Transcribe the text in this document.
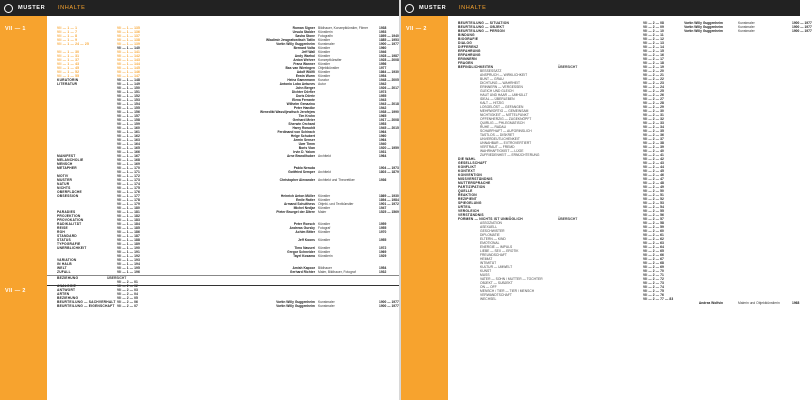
VII — 1
VII — 2
MUSTER	INHALTE
VII — 1 — 1	VII — 1 — 135	Roman Signer Bildhauer, Konzeptkünstler, Filmer	1938
VII — 1 — 7	VII — 1 — 136	Ursula Stalder Künstlerin	1953
VII — 1 — 8	VII — 1 — 137	Sasha Stone Fotografin	1895 — 1940
VII — 1 — 9	VII — 1 — 138	Wladimir Jewgrafowitsch Tatlin Künstler	1885 — 1953
VII — 1 — 24 — 25	VII — 1 — 139	Vortin Willy Guggenheim Kunstmaler	1900 — 1977
VII — 1 — 140	Bernard Voïta Künstler	1960
VII — 1 — 30	VII — 1 — 141	Jeff Wall Künstler	1946
VII — 1 — 31	VII — 1 — 142	Andy Warhol Künstler	1928 — 1987
VII — 1 — 37	VII — 1 — 143	Anton Wehrer Konzeptkünstler	1928 — 2008
VII — 1 — 43	VII — 1 — 144	Franz Wanner Künstler	1956
VII — 1 — 45	VII — 1 — 145	Bas van Wieringen Objektkünstler	1977
VII — 1 — 52	VII — 1 — 146	Adolf Wölfli Künstler	1864 — 1930
VII — 1 — 55	VII — 1 — 147	Erwin Wurm Künstler	1954
KURATORIN	VII — 1 — 148	Heinz Gamemann Kurator	1948 — 2005
LITERATUR	VII — 1 — 149	Antonio Lobo Antunes Autor	1942
VII — 1 — 150	John Berger	1926 — 2017
VII — 1 — 151	Dichter Dörfler	1973
VII — 1 — 152	Doris Dörrie	1955
VII — 1 — 153	Elena Ferrante	1943
VII — 1 — 154	Wilhelm Genazino	1943 — 2018
VII — 1 — 155	Peter Handke	1942
VII — 1 — 156	Wenedikt Wassiljewitsch Jerofejew	1938 — 1990
VII — 1 — 157	Tim Krohn	1965
VII — 1 — 158	Gerhard Meier	1917 — 2008
VII — 1 — 159	Sherwin Orchard	1953
VII — 1 — 160	Harry Rowohlt	1945 — 2015
VII — 1 — 161	Ferdinand von Schirach	1964
VII — 1 — 162	Helge Schubert	1960
VII — 1 — 163	Armin Senser	1964
VII — 1 — 164	Uwe Timm	1940
VII — 1 — 165	Boris Vian	1920 — 1959
VII — 1 — 166	Irvin D. Yalom	1931
MANIFEST	VII — 1 — 167	Arne Brandlhuber Architekt	1964
MELANCHOLIE	VII — 1 — 168
MENSCH	VII — 1 — 169
METAPHER	VII — 1 — 170	Pablo Neruda	1904 — 1973
VII — 1 — 171	Gottfried Semper Architekt	1803 — 1879
MOTIV	VII — 1 — 172
MUSTER	VII — 1 — 173	Christopher Alexander Architekt und Theoretiker	1936
NATUR	VII — 1 — 174
NICHTS	VII — 1 — 175
OBERFLÄCHE	VII — 1 — 176
OBSESSION	VII — 1 — 177	Heinrich Anton Müller Künstler	1869 — 1930
VII — 1 — 178	Emile Ratier Künstler	1894 — 1984
VII — 1 — 179	Armand Schulthess Objekt- und Textkünstler	1901 — 1972
VII — 1 — 180	Michel Nedjar Künstler	1947
PARADIES	VII — 1 — 181	Pieter Bruegel der Ältere Maler	1525 — 1569
PROJEKTION	VII — 1 — 182
PROVOKATION	VII — 1 — 183
RADIKALITÄT	VII — 1 — 184	Peter Roesch Künstler	1959
REISE	VII — 1 — 185	Andreas Gursky Fotograf	1955
ROH	VII — 1 — 186	Achim Bitter Künstler	1970
STANDARD	VII — 1 — 187
STATUS	VII — 1 — 188	Jeff Koons Künstler	1955
TYPOGRAFIE	VII — 1 — 189
UNERBLICHKEIT	VII — 1 — 190	Timo Nasseri Künstler	1972
VII — 1 — 191	Gregor Schneider Künstler	1969
VII — 1 — 192	Tayel Kosama Künstlerin	1929
VARIATION	VII — 1 — 193
IN HALB	VII — 1 — 194
WELT	VII — 1 — 195	Amish Kapoor Bildhauer	1954
ZUFALL	VII — 1 — 196	Gerhard Richter Maler, Bildhauer, Fotograf	1932
BEZIEHUNG	ÜBERSICHT
VII — 2 — 01
ANALOGIE	VII — 2 — 02
ANTWORT	VII — 2 — 03
ARTEN	VII — 2 — 04
BEZIEHUNG	VII — 2 — 05
BEURTEILUNG — SACHVERHALT VII — 2 — 06	Vortin Willy Guggenheim Kunstmaler	1900 — 1977
BEURTEILUNG — EIGENSCHAFT VII — 2 — 07	Vortin Willy Guggenheim Kunstmaler	1900 — 1977
VII — 2
MUSTER	INHALTE
BEURTEILUNG — SITUATION	VII — 2 — 08	Vortin Willy Guggenheim	Kunstmaler	1900 — 1977
BEURTEILUNG — OBJEKT	VII — 2 — 09	Vortin Willy Guggenheim	Kunstmaler	1900 — 1977
BEURTEILUNG — PERSON	VII — 2 — 10	Vortin Willy Guggenheim	Kunstmaler	1900 — 1977
BINDUNG	VII — 2 — 11
BIOGRAFIE	VII — 2 — 12
DIALOG	VII — 2 — 13
DIFFERENZ	VII — 2 — 14
ERFAHRUNG	VII — 2 — 15
ERFAHRUNG	VII — 2 — 16
ERINNERN	VII — 2 — 17
FRAGEN	VII — 2 — 18
BEFINDLICHKEITEN	ÜBERSICHT	VII — 2 — 19
BESSESSATZ	VII — 2 — 20
ANSPRUCH — WIRKLICHKEIT	VII — 2 — 21
BUNT — GRAU	VII — 2 — 22
DICHTUNG — WAHRHEIT	VII — 2 — 23
ERINNERN — VERGESSEN	VII — 2 — 24
GLEICH UND GLEICH	VII — 2 — 25
HAUT UND HAAR — UMHÜLLT	VII — 2 — 26
IDEAL — ÜBERLEBEN	VII — 2 — 27
KALT — HITZIG	VII — 2 — 28
LOSGELÖST — GEFANGEN	VII — 2 — 29
MEHRWORTIG — GEMEINSAM	VII — 2 — 30
NICHTIGKEIT — MITTELPUNKT	VII — 2 — 31
OFFENHERZIG — ZUGEKNÖPFT	VII — 2 — 32
QUIRLIG — PHLEGMATISCH	VII — 2 — 33
RUHE — RADAU	VII — 2 — 34
SCHARFHAFT — AUFGRINSLICH	VII — 2 — 35
TASTLOS — DISKRET	VII — 2 — 36
UNVERDEUTLICHENKEIT	VII — 2 — 37
UNNAHBAR — EXTROVERTIERT	VII — 2 — 38
VERTRAUT — FREMD	VII — 2 — 39
WAHRHAFTIGKEIT — LÜGE	VII — 2 — 40
ZUFRIEDENHEIT — ERNÜCHTERUNG	VII — 2 — 41
DIE WAHL	VII — 2 — 42
GESELLSCHAFT	VII — 2 — 43
KONFLIKT	VII — 2 — 44
KONTEXT	VII — 2 — 45
KONVENTION	VII — 2 — 46
MISSVERSTÄNDNIS	VII — 2 — 47
MUTTERSPRACHE	VII — 2 — 48
PARTIZIPATION	VII — 2 — 49
QUELLE	VII — 2 — 50
REAKTION	VII — 2 — 51
REZIPIENT	VII — 2 — 52
SPIEGELUNG	VII — 2 — 53
URTEIL	VII — 2 — 54
VERGLEICH	VII — 2 — 55
VERSTÄNDNIS	VII — 2 — 56
FORMEN — NICHTS IST UNMÖGLICH	ÜBERSICHT	VII — 2 — 57
ASSOZIATION	VII — 2 — 58
ASEXUELL	VII — 2 — 59
GESCHWISTER	VII — 2 — 60
DIPLOMATIE	VII — 2 — 61
ELTERN — KIND	VII — 2 — 62
EMOTIONAL	VII — 2 — 63
ENERGIE — IMPULS	VII — 2 — 64
LIEBE — SEX — EROTIK	VII — 2 — 65
FREUNDSCHAFT	VII — 2 — 66
HEIMAT	VII — 2 — 67
INTIMITÄT	VII — 2 — 68
KULTUR — UMWELT	VII — 2 — 69
KUNST	VII — 2 — 70
MUSS	VII — 2 — 71
VATER — SOHN / MUTTER — TOCHTER	VII — 2 — 72
OBJEKT — SUBJEKT	VII — 2 — 73
ON — OFF	VII — 2 — 74
MENSCH / TIER — TIER / MENSCH	VII — 2 — 75
VERWANDTSCHAFT	VII — 2 — 76
WECHSEL	VII — 2 — 77 — 83
Andrea Wolfsin	Malerin und Objektkünstlerin	1968
